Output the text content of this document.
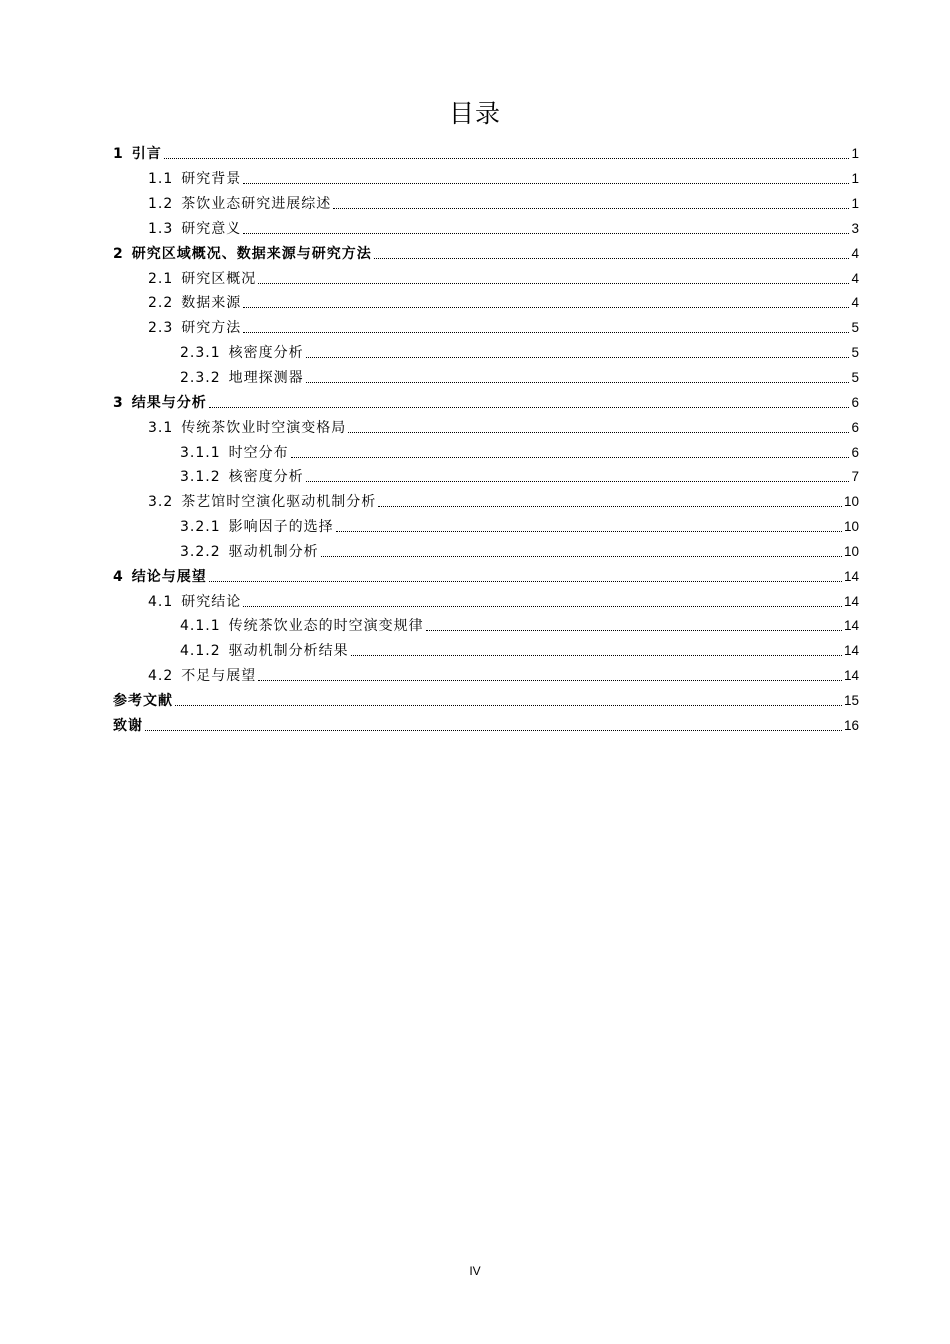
目录
1 引言	1
1.1 研究背景	1
1.2 茶饮业态研究进展综述	1
1.3 研究意义	3
2 研究区域概况、数据来源与研究方法	4
2.1 研究区概况	4
2.2 数据来源	4
2.3 研究方法	5
2.3.1 核密度分析	5
2.3.2 地理探测器	5
3 结果与分析	6
3.1 传统茶饮业时空演变格局	6
3.1.1 时空分布	6
3.1.2 核密度分析	7
3.2 茶艺馆时空演化驱动机制分析	10
3.2.1 影响因子的选择	10
3.2.2 驱动机制分析	10
4 结论与展望	14
4.1 研究结论	14
4.1.1 传统茶饮业态的时空演变规律	14
4.1.2 驱动机制分析结果	14
4.2 不足与展望	14
参考文献	15
致谢	16
IV
